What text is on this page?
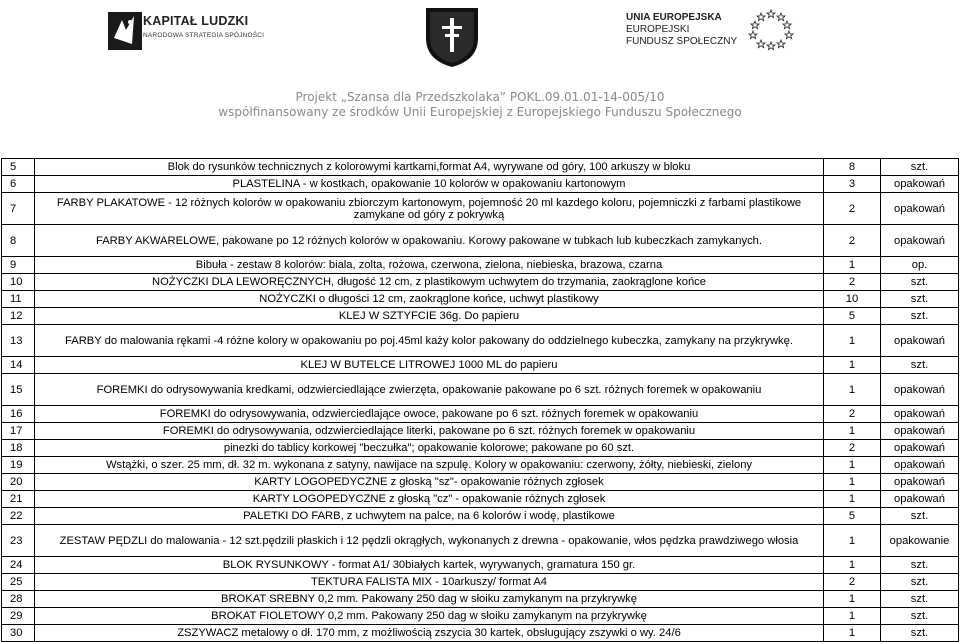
KAPITAŁ LUDZKI
NARODOWA STRATEGIA SPÓJNOŚCI
UNIA EUROPEJSKA
EUROPEJSKI
FUNDUSZ SPOŁECZNY
Projekt „Szansa dla Przedszkolaka” POKL.09.01.01-14-005/10
współfinansowany ze środków Unii Europejskiej z Europejskiego Funduszu Społecznego
5	Blok do rysunków technicznych z kolorowymi kartkami,format A4, wyrywane od góry, 100 arkuszy w bloku	8	szt.
6	PLASTELINA - w kostkach, opakowanie 10 kolorów w opakowaniu kartonowym	3	opakowań
7	FARBY PLAKATOWE - 12 różnych kolorów w opakowaniu zbiorczym kartonowym, pojemność 20 ml kazdego koloru, pojemniczki z farbami plastikowe zamykane od góry z pokrywką	2	opakowań
8	FARBY AKWARELOWE, pakowane po 12 różnych kolorów w opakowaniu. Korowy pakowane w tubkach lub kubeczkach zamykanych.	2	opakowań
9	Bibuła - zestaw 8 kolorów: biala, zolta, rożowa, czerwona, zielona, niebieska, brazowa, czarna	1	op.
10	NOŻYCZKI DLA LEWORĘCZNYCH, długość 12 cm, z plastikowym uchwytem do trzymania, zaokrąglone końce	2	szt.
11	NOŻYCZKI o długości 12 cm, zaokrąglone końce, uchwyt plastikowy	10	szt.
12	KLEJ W SZTYFCIE 36g. Do papieru	5	szt.
13	FARBY do malowania rękami -4 różne kolory w opakowaniu po poj.45ml każy kolor pakowany do oddzielnego kubeczka, zamykany na przykrywkę.	1	opakowań
14	KLEJ W BUTELCE LITROWEJ 1000 ML do papieru	1	szt.
15	FOREMKI do odrysowywania kredkami, odzwierciedlające zwierzęta, opakowanie pakowane po 6 szt. różnych foremek w opakowaniu	1	opakowań
16	FOREMKI do odrysowywania, odzwierciedlające owoce, pakowane po 6 szt. różnych foremek w opakowaniu	2	opakowań
17	FOREMKI do odrysowywania, odzwierciedlające literki, pakowane po 6 szt. różnych foremek w opakowaniu	1	opakowań
18	pinezki do tablicy korkowej "beczułka"; opakowanie kolorowe; pakowane po 60 szt.	2	opakowań
19	Wstążki, o szer. 25 mm, dł. 32 m. wykonana z satyny, nawijace na szpulę. Kolory w opakowaniu: czerwony, żółty, niebieski, zielony	1	opakowań
20	KARTY LOGOPEDYCZNE z głoską "sz"- opakowanie różnych zgłosek	1	opakowań
21	KARTY LOGOPEDYCZNE z głoską "cz" - opakowanie różnych zgłosek	1	opakowań
22	PALETKI DO FARB, z uchwytem na palce, na 6 kolorów i wodę, plastikowe	5	szt.
23	ZESTAW PĘDZLI do malowania - 12 szt.pędzili płaskich i 12 pędzli okrągłych, wykonanych z drewna - opakowanie, włos pędzka prawdziwego włosia	1	opakowanie
24	BLOK RYSUNKOWY - format A1/ 30białych kartek, wyrywanych, gramatura 150 gr.	1	szt.
25	TEKTURA FALISTA MIX - 10arkuszy/ format A4	2	szt.
28	BROKAT SREBNY 0,2 mm. Pakowany 250 dag w słoiku zamykanym na przykrywkę	1	szt.
29	BROKAT FIOLETOWY 0,2 mm. Pakowany 250 dag w słoiku zamykanym na przykrywkę	1	szt.
30	ZSZYWACZ metalowy o dł. 170 mm, z możliwością zszycia 30 kartek, obsługujący zszywki o wy. 24/6	1	szt.
